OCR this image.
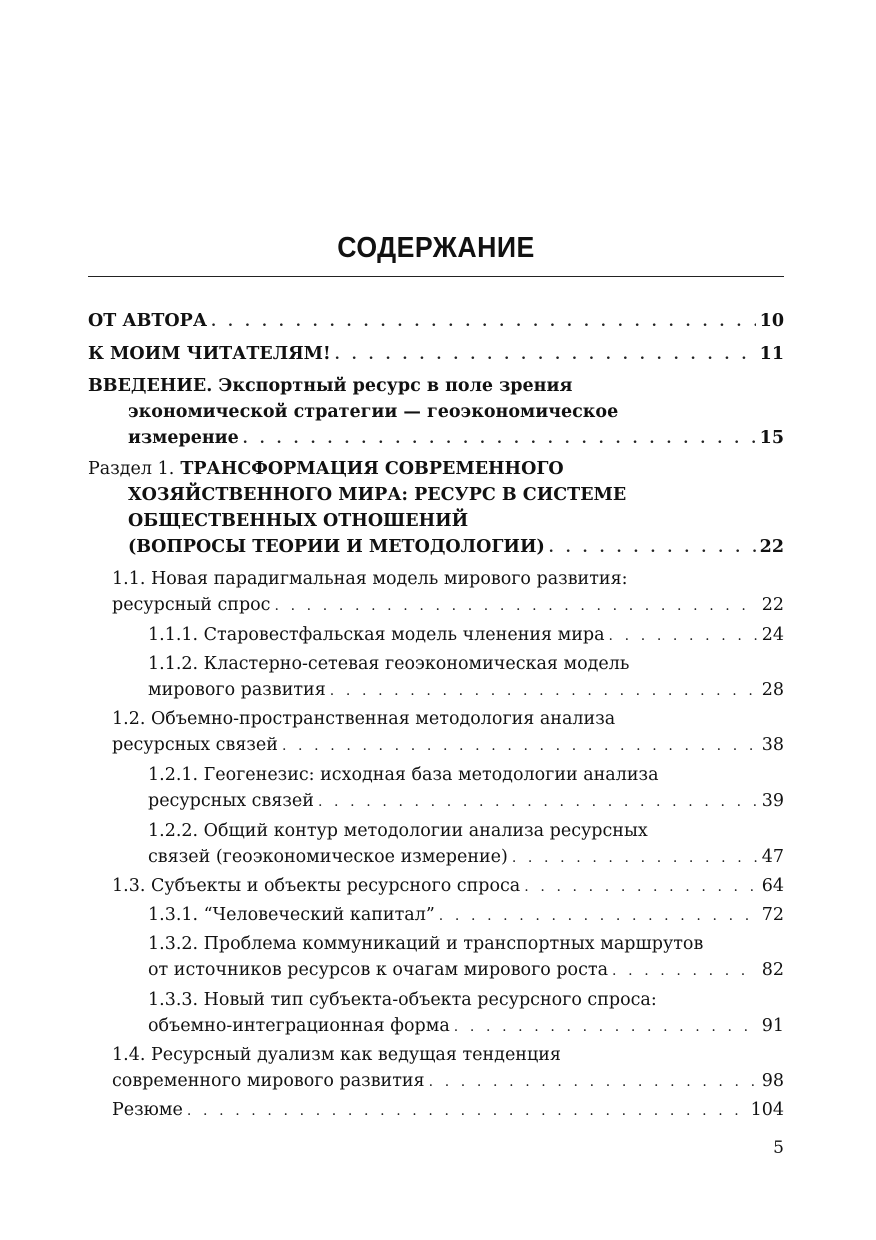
СОДЕРЖАНИЕ
ОТ АВТОРА . . .	10
К МОИМ ЧИТАТЕЛЯМ! . . .	11
ВВЕДЕНИЕ. Экспортный ресурс в поле зрения
экономической стратегии — геоэкономическое
измерение . . .	15
Раздел 1. ТРАНСФОРМАЦИЯ СОВРЕМЕННОГО
ХОЗЯЙСТВЕННОГО МИРА: РЕСУРС В СИСТЕМЕ
ОБЩЕСТВЕННЫХ ОТНОШЕНИЙ
(ВОПРОСЫ ТЕОРИИ И МЕТОДОЛОГИИ) . . .	22
1.1. Новая парадигмальная модель мирового развития:
ресурсный спрос . . .	22
1.1.1. Старовестфальская модель членения мира . . .	24
1.1.2. Кластерно-сетевая геоэкономическая модель
мирового развития . . .	28
1.2. Объемно-пространственная методология анализа
ресурсных связей . . .	38
1.2.1. Геогенезис: исходная база методологии анализа
ресурсных связей . . .	39
1.2.2. Общий контур методологии анализа ресурсных
связей (геоэкономическое измерение) . . .	47
1.3. Субъекты и объекты ресурсного спроса . . .	64
1.3.1. “Человеческий капитал” . . .	72
1.3.2. Проблема коммуникаций и транспортных маршрутов
от источников ресурсов к очагам мирового роста . . .	82
1.3.3. Новый тип субъекта-объекта ресурсного спроса:
объемно-интеграционная форма . . .	91
1.4. Ресурсный дуализм как ведущая тенденция
современного мирового развития . . .	98
Резюме . . .	104
5
